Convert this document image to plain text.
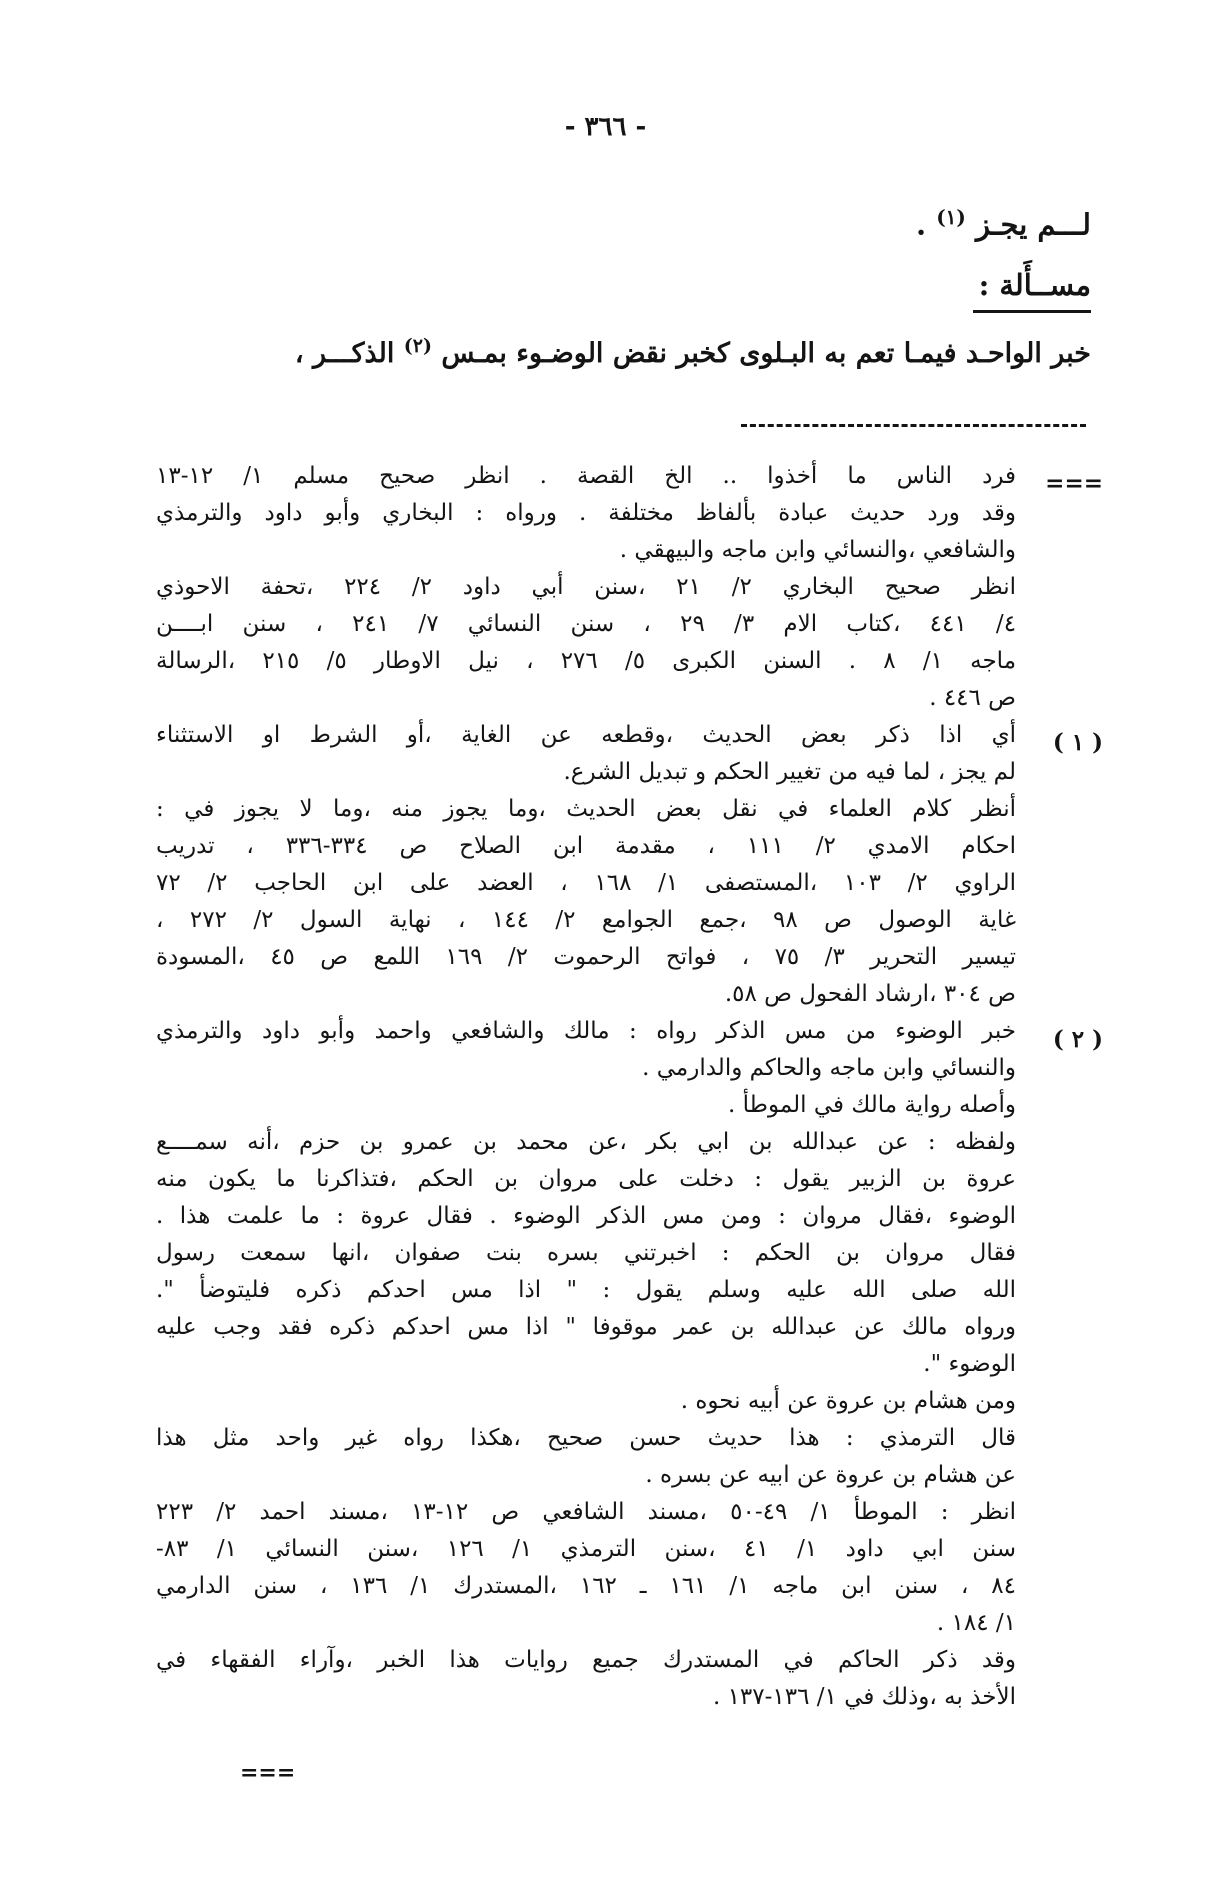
- ٣٦٦ -
لـــم يجـز $^{(١)}$ .
مســأَلة :
خبر الواحـد فيمـا تعم به البـلوى كخبر نقض الوضـوء بمـس $^{(٢)}$ الذكـــر ،
===
( ١ )
( ٢ )
فرد الناس ما أخذوا .. الخ القصة . انظر صحيح مسلم ١/ ١٢-١٣
وقد ورد حديث عبادة بألفاظ مختلفة . ورواه : البخاري وأبو داود والترمذي
والشافعي ،والنسائي وابن ماجه والبيهقي .
انظر صحيح البخاري ٢/ ٢١ ،سنن أبي داود ٢/ ٢٢٤ ،تحفة الاحوذي
٤/ ٤٤١ ،كتاب الام ٣/ ٢٩ ، سنن النسائي ٧/ ٢٤١ ، سنن ابــــن
ماجه ١/ ٨ . السنن الكبرى ٥/ ٢٧٦ ، نيل الاوطار ٥/ ٢١٥ ،الرسالة
ص ٤٤٦ .
أي اذا ذكر بعض الحديث ،وقطعه عن الغاية ،أو الشرط او الاستثناء
لم يجز ، لما فيه من تغيير الحكم و تبديل الشرع.
أنظر كلام العلماء في نقل بعض الحديث ،وما يجوز منه ،وما لا يجوز في :
احكام الامدي ٢/ ١١١ ، مقدمة ابن الصلاح ص ٣٣٤-٣٣٦ ، تدريب
الراوي ٢/ ١٠٣ ،المستصفى ١/ ١٦٨ ، العضد على ابن الحاجب ٢/ ٧٢
غاية الوصول ص ٩٨ ،جمع الجوامع ٢/ ١٤٤ ، نهاية السول ٢/ ٢٧٢ ،
تيسير التحرير ٣/ ٧٥ ، فواتح الرحموت ٢/ ١٦٩ اللمع ص ٤٥ ،المسودة
ص ٣٠٤ ،ارشاد الفحول ص ٥٨.
خبر الوضوء من مس الذكر رواه : مالك والشافعي واحمد وأبو داود والترمذي
والنسائي وابن ماجه والحاكم والدارمي .
وأصله رواية مالك في الموطأ .
ولفظه : عن عبدالله بن ابي بكر ،عن محمد بن عمرو بن حزم ،أنه سمــــع
عروة بن الزبير يقول : دخلت على مروان بن الحكم ،فتذاكرنا ما يكون منه
الوضوء ،فقال مروان : ومن مس الذكر الوضوء . فقال عروة : ما علمت هذا .
فقال مروان بن الحكم : اخبرتني بسره بنت صفوان ،انها سمعت رسول
الله صلى الله عليه وسلم يقول : " اذا مس احدكم ذكره فليتوضأ ".
ورواه مالك عن عبدالله بن عمر موقوفا " اذا مس احدكم ذكره فقد وجب عليه
الوضوء ".
ومن هشام بن عروة عن أبيه نحوه .
قال الترمذي : هذا حديث حسن صحيح ،هكذا رواه غير واحد مثل هذا
عن هشام بن عروة عن ابيه عن بسره .
انظر : الموطأ ١/ ٤٩-٥٠ ،مسند الشافعي ص ١٢-١٣ ،مسند احمد ٢/ ٢٢٣
سنن ابي داود ١/ ٤١ ،سنن الترمذي ١/ ١٢٦ ،سنن النسائي ١/ ٨٣-
٨٤ ، سنن ابن ماجه ١/ ١٦١ ـ ١٦٢ ،المستدرك ١/ ١٣٦ ، سنن الدارمي
١/ ١٨٤ .
وقد ذكر الحاكم في المستدرك جميع روايات هذا الخبر ،وآراء الفقهاء في
الأخذ به ،وذلك في ١/ ١٣٦-١٣٧ .
===
